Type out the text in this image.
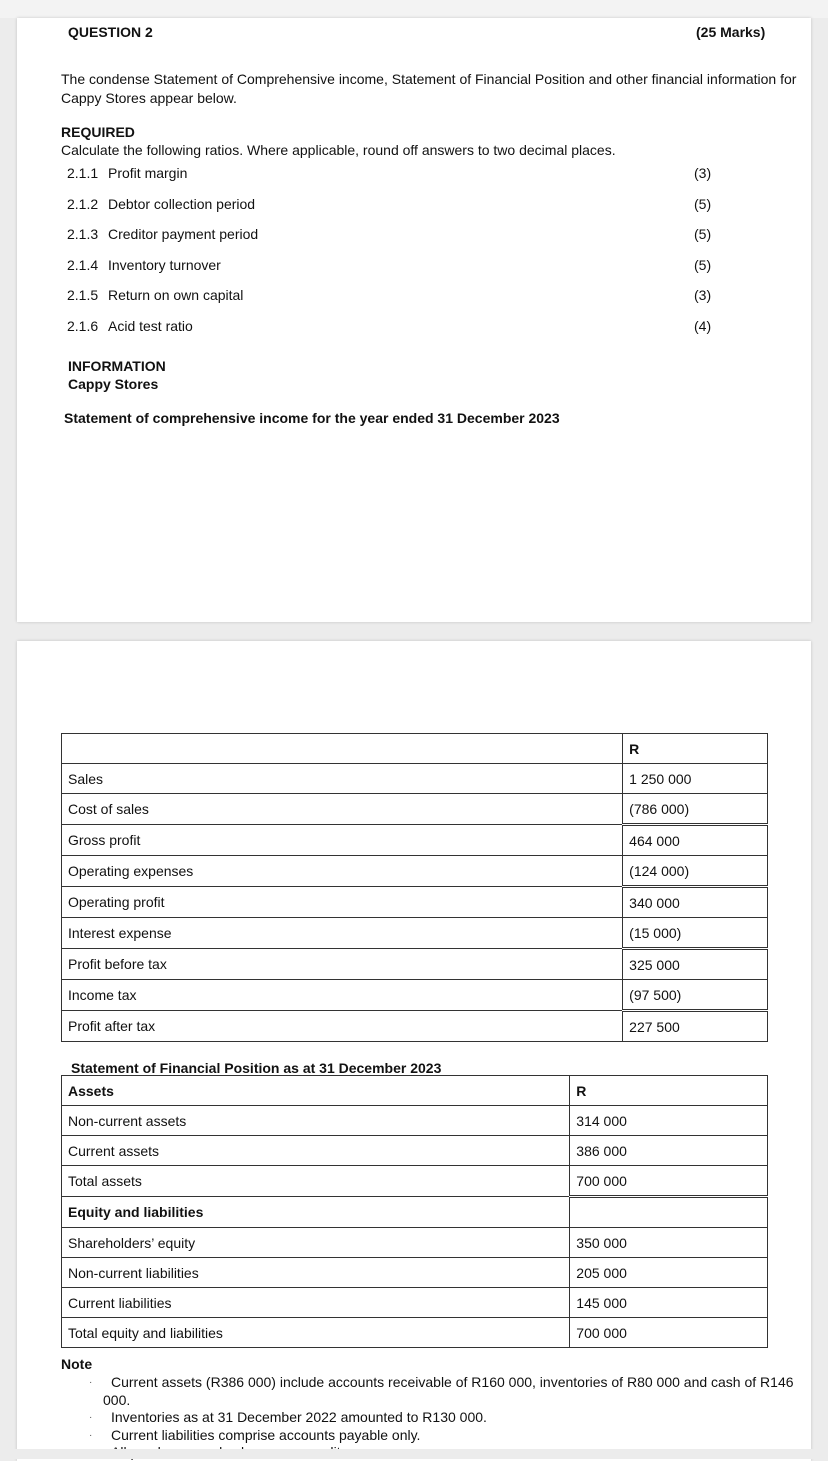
QUESTION 2	(25 Marks)
The condense Statement of Comprehensive income, Statement of Financial Position and other financial information for
Cappy Stores appear below.
REQUIRED
Calculate the following ratios. Where applicable, round off answers to two decimal places.
2.1.1 Profit margin	(3)
2.1.2 Debtor collection period	(5)
2.1.3 Creditor payment period	(5)
2.1.4 Inventory turnover	(5)
2.1.5 Return on own capital	(3)
2.1.6 Acid test ratio	(4)
INFORMATION
Cappy Stores
Statement of comprehensive income for the year ended 31 December 2023
	R
Sales	1 250 000
Cost of sales	(786 000)
Gross profit	464 000
Operating expenses	(124 000)
Operating profit	340 000
Interest expense	(15 000)
Profit before tax	325 000
Income tax	(97 500)
Profit after tax	227 500
Statement of Financial Position as at 31 December 2023
Assets	R
Non-current assets	314 000
Current assets	386 000
Total assets	700 000
Equity and liabilities	
Shareholders’ equity	350 000
Non-current liabilities	205 000
Current liabilities	145 000
Total equity and liabilities	700 000
Note
· Current assets (R386 000) include accounts receivable of R160 000, inventories of R80 000 and cash of R146
000.
· Inventories as at 31 December 2022 amounted to R130 000.
· Current liabilities comprise accounts payable only.
